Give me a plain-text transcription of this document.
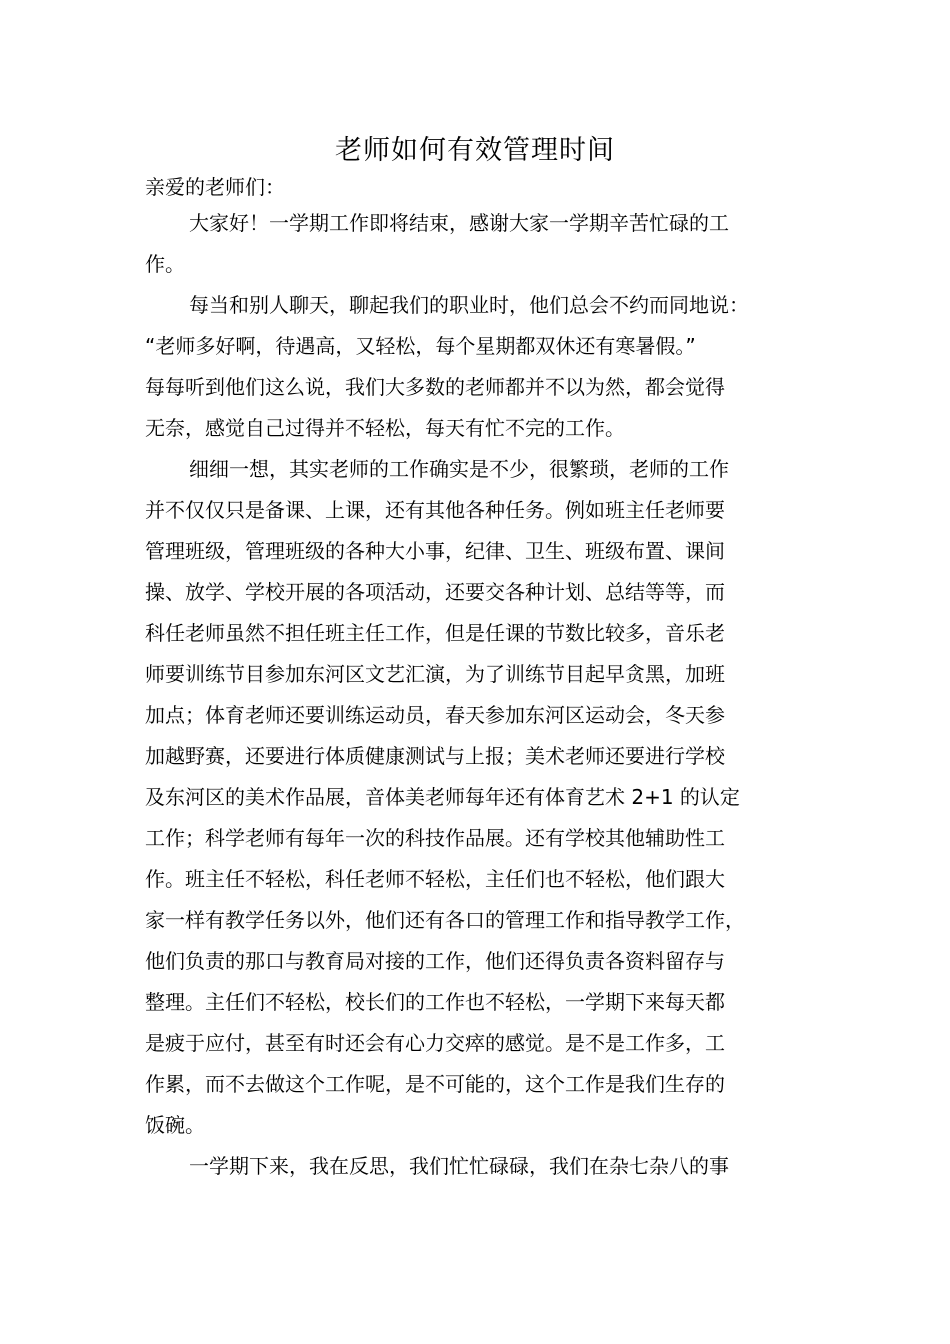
老师如何有效管理时间
亲爱的老师们：
大家好！一学期工作即将结束，感谢大家一学期辛苦忙碌的工
作。
每当和别人聊天，聊起我们的职业时，他们总会不约而同地说：
“老师多好啊，待遇高，又轻松，每个星期都双休还有寒暑假。”
每每听到他们这么说，我们大多数的老师都并不以为然，都会觉得
无奈，感觉自己过得并不轻松，每天有忙不完的工作。
细细一想，其实老师的工作确实是不少，很繁琐，老师的工作
并不仅仅只是备课、上课，还有其他各种任务。例如班主任老师要
管理班级，管理班级的各种大小事，纪律、卫生、班级布置、课间
操、放学、学校开展的各项活动，还要交各种计划、总结等等，而
科任老师虽然不担任班主任工作，但是任课的节数比较多，音乐老
师要训练节目参加东河区文艺汇演，为了训练节目起早贪黑，加班
加点；体育老师还要训练运动员，春天参加东河区运动会，冬天参
加越野赛，还要进行体质健康测试与上报；美术老师还要进行学校
及东河区的美术作品展，音体美老师每年还有体育艺术 2+1 的认定
工作；科学老师有每年一次的科技作品展。还有学校其他辅助性工
作。班主任不轻松，科任老师不轻松，主任们也不轻松，他们跟大
家一样有教学任务以外，他们还有各口的管理工作和指导教学工作，
他们负责的那口与教育局对接的工作，他们还得负责各资料留存与
整理。主任们不轻松，校长们的工作也不轻松，一学期下来每天都
是疲于应付，甚至有时还会有心力交瘁的感觉。是不是工作多，工
作累，而不去做这个工作呢，是不可能的，这个工作是我们生存的
饭碗。
一学期下来，我在反思，我们忙忙碌碌，我们在杂七杂八的事
